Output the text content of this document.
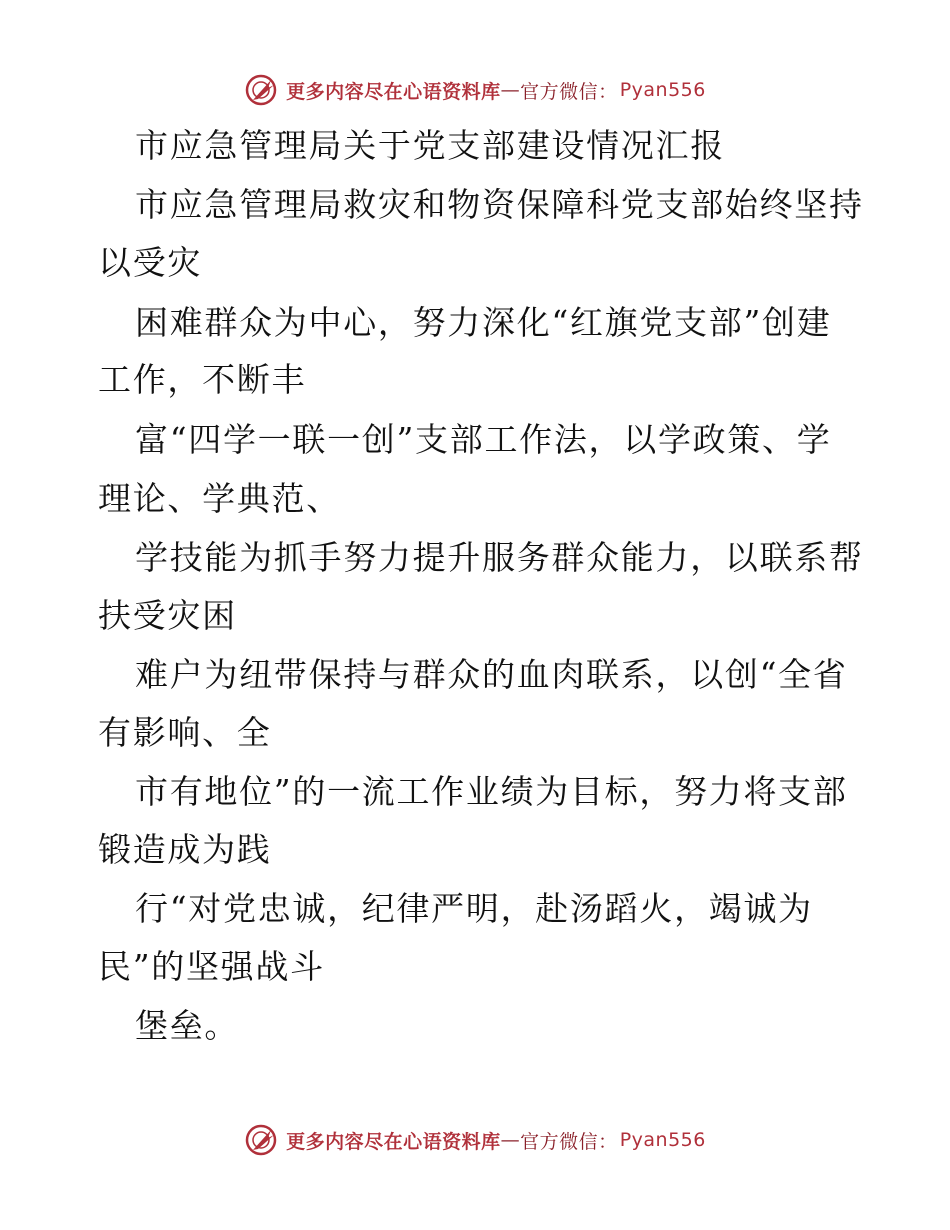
更多内容尽在心语资料库 — 官方微信： Pyan556
市应急管理局关于党支部建设情况汇报
市应急管理局救灾和物资保障科党支部始终坚持
以受灾
困难群众为中心，努力深化“红旗党支部”创建
工作，不断丰
富“四学一联一创”支部工作法，以学政策、学
理论、学典范、
学技能为抓手努力提升服务群众能力，以联系帮
扶受灾困
难户为纽带保持与群众的血肉联系，以创“全省
有影响、全
市有地位”的一流工作业绩为目标，努力将支部
锻造成为践
行“对党忠诚，纪律严明，赴汤蹈火，竭诚为
民”的坚强战斗
堡垒。
更多内容尽在心语资料库 — 官方微信： Pyan556
